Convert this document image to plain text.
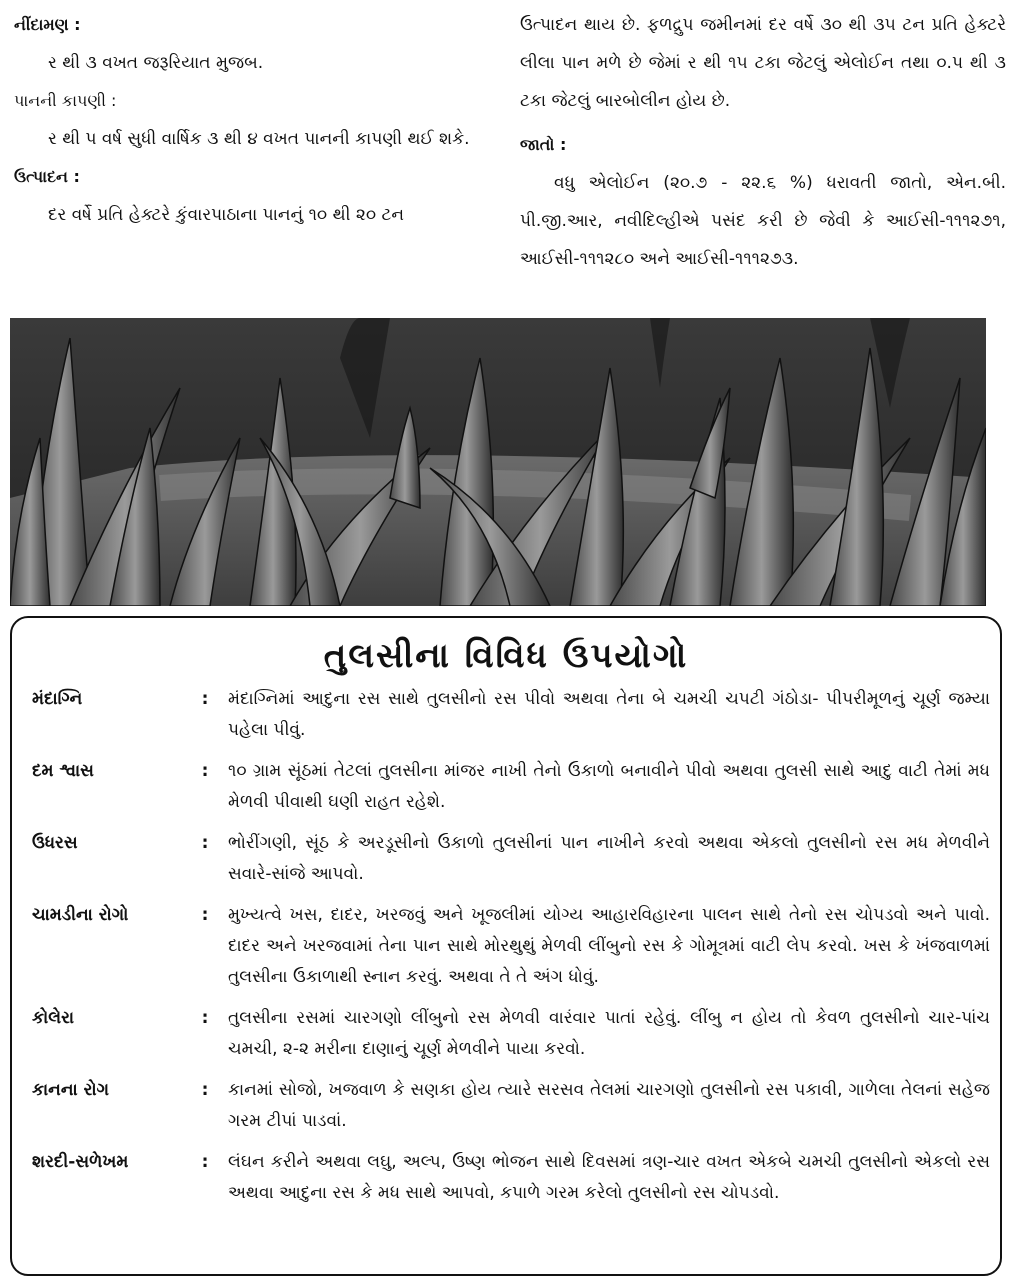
નીંદામણ :
ર થી ૩ વખત જરૂરિયાત મુજબ.
પાનની કાપણી :
ર થી પ વર્ષ સુધી વાર્ષિક ૩ થી ૪ વખત પાનની કાપણી થઈ શકે.
ઉત્પાદન :
દર વર્ષે પ્રતિ હેક્ટરે કુંવારપાઠાના પાનનું ૧૦ થી ૨૦ ટન
ઉત્પાદન થાય છે. ફળદ્રુપ જમીનમાં દર વર્ષે ૩૦ થી ૩૫ ટન પ્રતિ હેક્ટરે લીલા પાન મળે છે જેમાં ર થી ૧૫ ટકા જેટલું એલોઈન તથા ૦.પ થી ૩ ટકા જેટલું બારબોલીન હોય છે.
જાતો :
વધુ એલોઈન (૨૦.૭ - ૨૨.૬ %) ધરાવતી જાતો, એન.બી. પી.જી.આર, નવીદિલ્હીએ પસંદ કરી છે જેવી કે આઈસી-૧૧૧૨૭૧, આઈસી-૧૧૧૨૮૦ અને આઈસી-૧૧૧૨૭૩.
તુલસીના વિવિધ ઉપયોગો
મંદાગ્નિ	:	મંદાગ્નિમાં આદુના રસ સાથે તુલસીનો રસ પીવો અથવા તેના બે ચમચી ચપટી ગંઠોડા- પીપરીમૂળનું ચૂર્ણ જમ્યા પહેલા પીવું.
દમ શ્વાસ	:	૧૦ ગ્રામ સૂંઠમાં તેટલાં તુલસીના માંજર નાખી તેનો ઉકાળો બનાવીને પીવો અથવા તુલસી સાથે આદુ વાટી તેમાં મધ મેળવી પીવાથી ઘણી રાહત રહેશે.
ઉધરસ	:	ભોરીંગણી, સૂંઠ કે અરડૂસીનો ઉકાળો તુલસીનાં પાન નાખીને કરવો અથવા એકલો તુલસીનો રસ મધ મેળવીને સવારે-સાંજે આપવો.
ચામડીના રોગો	:	મુખ્યત્વે ખસ, દાદર, ખરજવું અને ખૂજલીમાં યોગ્ય આહારવિહારના પાલન સાથે તેનો રસ ચોપડવો અને પાવો. દાદર અને ખરજવામાં તેના પાન સાથે મોરથુથું મેળવી લીંબુનો રસ કે ગોમૂત્રમાં વાટી લેપ કરવો. ખસ કે ખંજવાળમાં તુલસીના ઉકાળાથી સ્નાન કરવું. અથવા તે તે અંગ ધોવું.
કોલેરા	:	તુલસીના રસમાં ચારગણો લીંબુનો રસ મેળવી વારંવાર પાતાં રહેવું. લીંબુ ન હોય તો કેવળ તુલસીનો ચાર-પાંચ ચમચી, ૨-૨ મરીના દાણાનું ચૂર્ણ મેળવીને પાયા કરવો.
કાનના રોગ	:	કાનમાં સોજો, ખજવાળ કે સણકા હોય ત્યારે સરસવ તેલમાં ચારગણો તુલસીનો રસ પકાવી, ગાળેલા તેલનાં સહેજ ગરમ ટીપાં પાડવાં.
શરદી-સળેખમ	:	લંઘન કરીને અથવા લઘુ, અલ્પ, ઉષ્ણ ભોજન સાથે દિવસમાં ત્રણ-ચાર વખત એકબે ચમચી તુલસીનો એકલો રસ અથવા આદુના રસ કે મધ સાથે આપવો, કપાળે ગરમ કરેલો તુલસીનો રસ ચોપડવો.
